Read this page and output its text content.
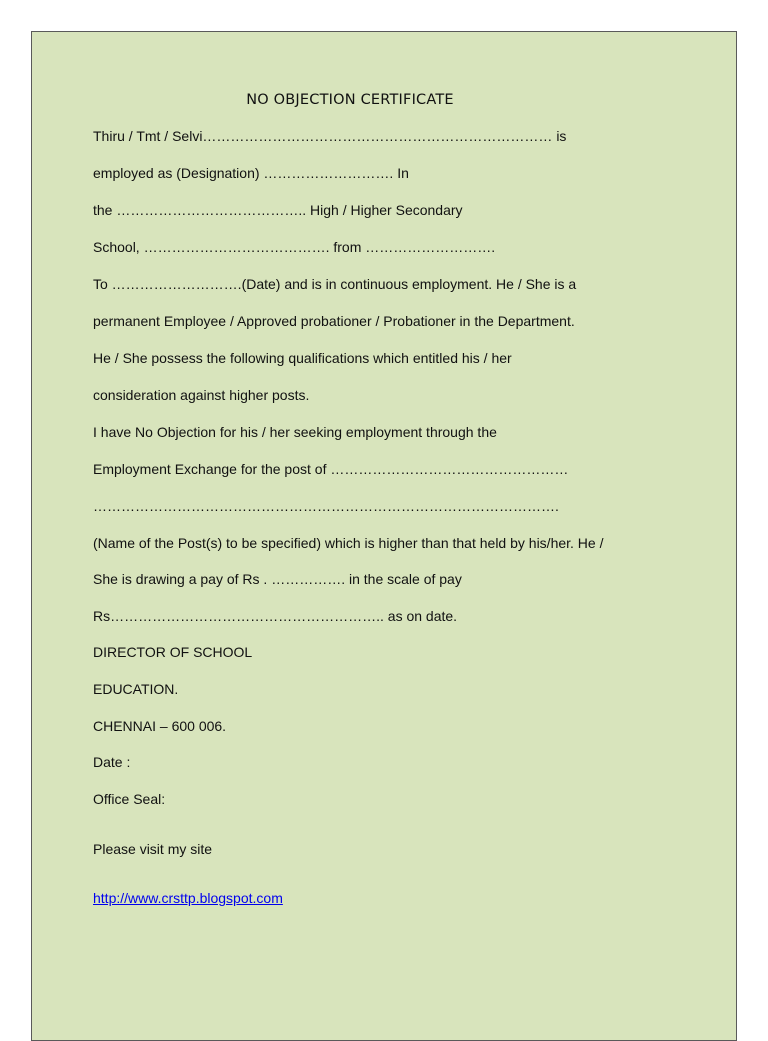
NO OBJECTION CERTIFICATE
Thiru / Tmt / Selvi………………………………………………………………… is
employed as (Designation) ………………………. In
the ………………………………….. High / Higher Secondary
School, …………………………………. from ……………………….
To ……………………….(Date) and is in continuous employment. He / She is a
permanent Employee / Approved probationer / Probationer in the Department.
He / She possess the following qualifications which entitled his / her
consideration against higher posts.
I have No Objection for his / her seeking employment through the
Employment Exchange for the post of ……………………………………………
……………………………………………………………………………………….
(Name of the Post(s) to be specified) which is higher than that held by his/her. He /
She is drawing a pay of Rs . ……………. in the scale of pay
Rs………………………………………………….. as on date.
DIRECTOR OF SCHOOL
EDUCATION.
CHENNAI – 600 006.
Date :
Office Seal:
Please visit my site
http://www.crsttp.blogspot.com
